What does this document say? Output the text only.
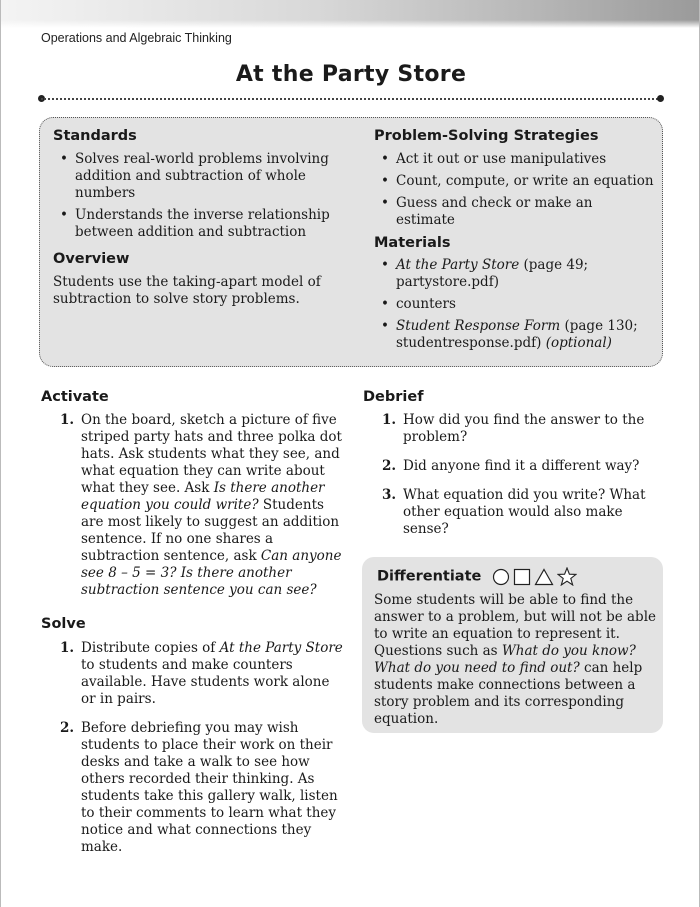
Operations and Algebraic Thinking
At the Party Store
Standards
• Solves real-world problems involving addition and subtraction of whole numbers
• Understands the inverse relationship between addition and subtraction
Overview

Students use the taking-apart model of subtraction to solve story problems.

Problem-Solving Strategies
• Act it out or use manipulatives
• Count, compute, or write an equation
• Guess and check or make an estimate
Materials
• At the Party Store (page 49; partystore.pdf)
• counters
• Student Response Form (page 130; studentresponse.pdf) (optional)
Activate
1. On the board, sketch a picture of five striped party hats and three polka dot hats. Ask students what they see, and what equation they can write about what they see. Ask Is there another equation you could write? Students are most likely to suggest an addition sentence. If no one shares a subtraction sentence, ask Can anyone see 8 – 5 = 3? Is there another subtraction sentence you can see?
Solve
1. Distribute copies of At the Party Store to students and make counters available. Have students work alone or in pairs.
2. Before debriefing you may wish students to place their work on their desks and take a walk to see how others recorded their thinking. As students take this gallery walk, listen to their comments to learn what they notice and what connections they make.
Debrief
1. How did you find the answer to the problem?
2. Did anyone find it a different way?
3. What equation did you write? What other equation would also make sense?
Differentiate

Some students will be able to find the answer to a problem, but will not be able to write an equation to represent it. Questions such as What do you know? What do you need to find out? can help students make connections between a story problem and its corresponding equation.
